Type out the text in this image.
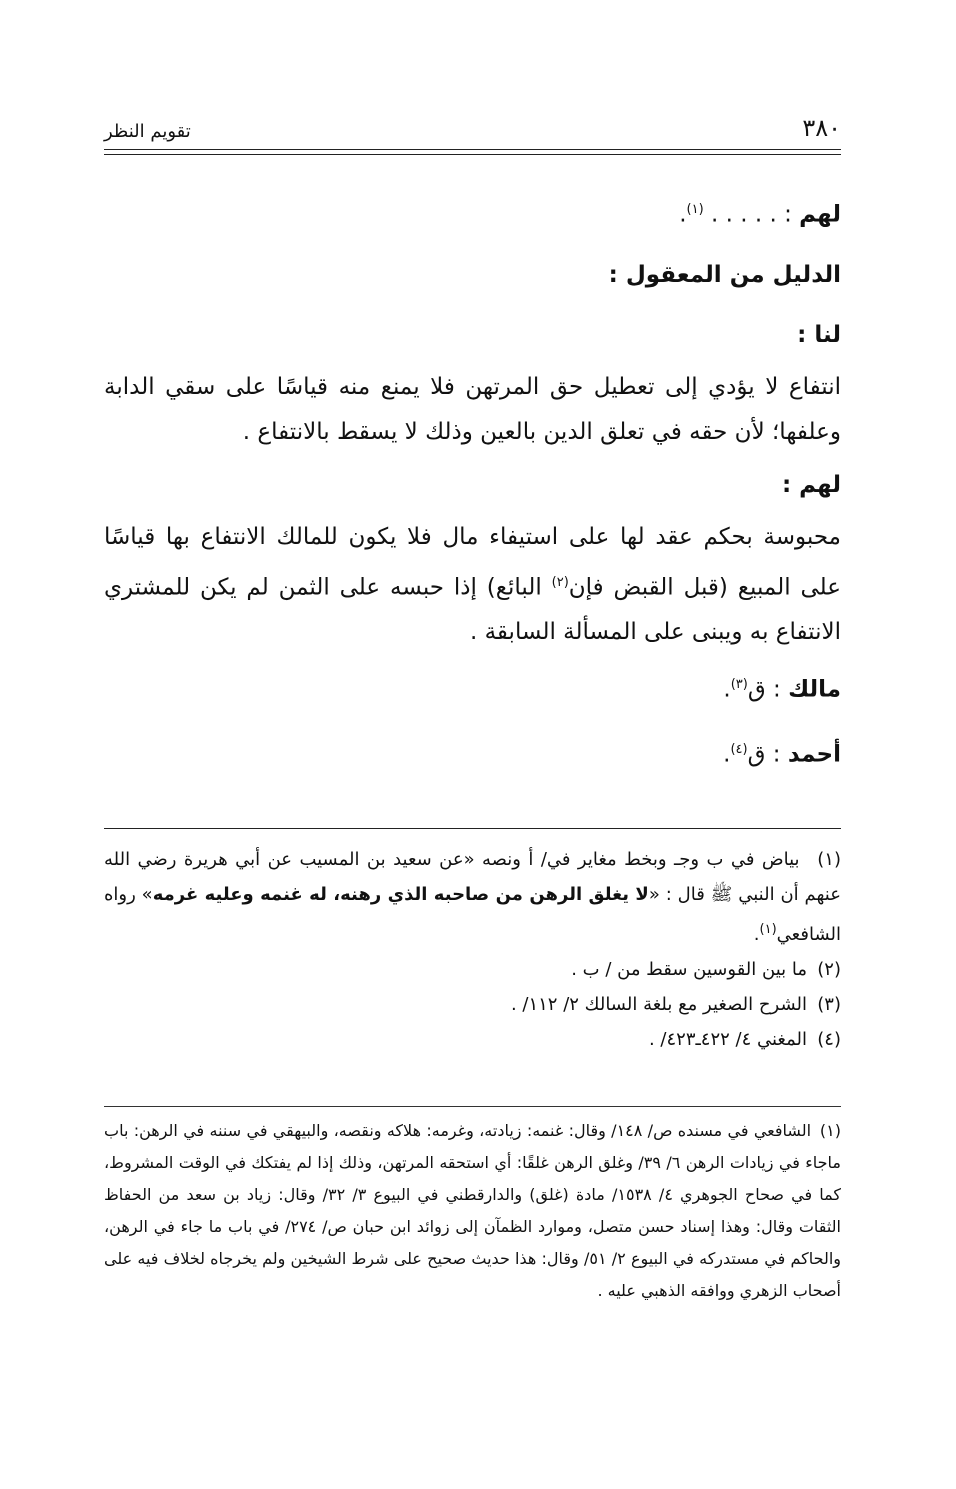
٣٨٠
تقويم النظر

لهم : . . . . . $^{(١)}$.

الدليل من المعقول :

لنا :

انتفاع لا يؤدي إلى تعطيل حق المرتهن فلا يمنع منه قياسًا على سقي الدابة وعلفها؛ لأن حقه في تعلق الدين بالعين وذلك لا يسقط بالانتفاع .

لهم :

محبوسة بحكم عقد لها على استيفاء مال فلا يكون للمالك الانتفاع بها قياسًا على المبيع (قبل القبض فإن$^{(٢)}$ البائع) إذا حبسه على الثمن لم يكن للمشتري الانتفاع به ويبنى على المسألة السابقة .

مالك : ق$^{(٣)}$.

أحمد : ق$^{(٤)}$.

(١) بياض في ب وجـ وبخط مغاير في/ أ ونصه «عن سعيد بن المسيب عن أبي هريرة رضي الله عنهم أن النبي ﷺ قال : «لا يغلق الرهن من صاحبه الذي رهنه، له غنمه وعليه غرمه» رواه الشافعي$^{(١)}$.
(٢)ما بين القوسين سقط من / ب .
(٣)الشرح الصغير مع بلغة السالك ٢/ ١١٢/ .
(٤)المغني ٤/ ٤٢٢ـ٤٢٣/ .
(١)الشافعي في مسنده ص/ ١٤٨/ وقال: غنمه: زيادته، وغرمه: هلاكه ونقصه، والبيهقي في سننه في الرهن: باب ماجاء في زيادات الرهن ٦/ ٣٩/ وغلق الرهن غلقًا: أي استحقه المرتهن، وذلك إذا لم يفتكك في الوقت المشروط، كما في صحاح الجوهري ٤/ ١٥٣٨/ مادة (غلق) والدارقطني في البيوع ٣/ ٣٢/ وقال: زياد بن سعد من الحفاظ الثقات وقال: وهذا إسناد حسن متصل، وموارد الظمآن إلى زوائد ابن حبان ص/ ٢٧٤/ في باب ما جاء في الرهن، والحاكم في مستدركه في البيوع ٢/ ٥١/ وقال: هذا حديث صحيح على شرط الشيخين ولم يخرجاه لخلاف فيه على أصحاب الزهري ووافقه الذهبي عليه .
